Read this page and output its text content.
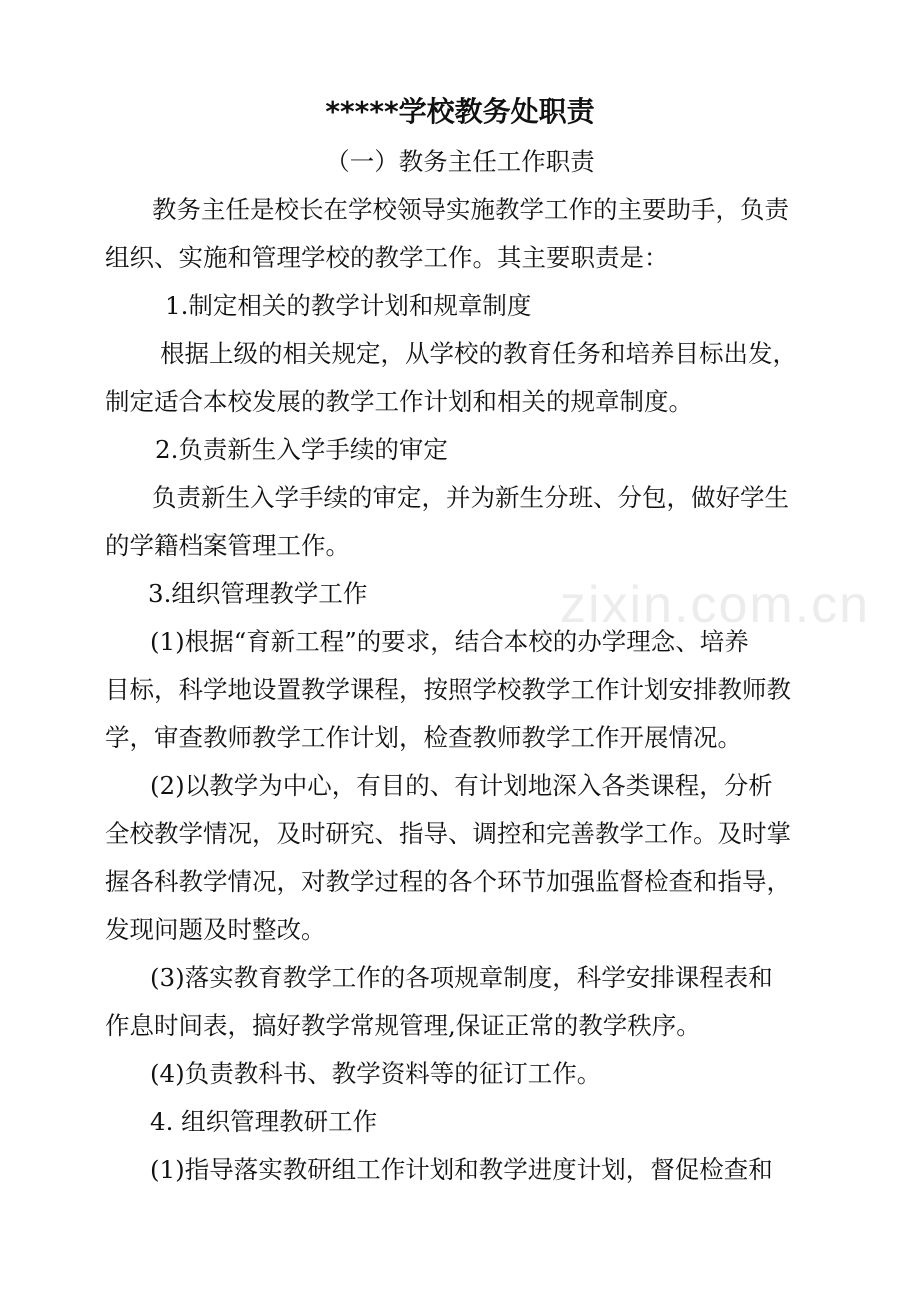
zixin.com.cn
*****学校教务处职责
（一）教务主任工作职责
教务主任是校长在学校领导实施教学工作的主要助手，负责
组织、实施和管理学校的教学工作。其主要职责是：
1.制定相关的教学计划和规章制度
根据上级的相关规定，从学校的教育任务和培养目标出发，
制定适合本校发展的教学工作计划和相关的规章制度。
2.负责新生入学手续的审定
负责新生入学手续的审定，并为新生分班、分包，做好学生
的学籍档案管理工作。
3.组织管理教学工作
(1)根据“育新工程”的要求，结合本校的办学理念、培养
目标，科学地设置教学课程，按照学校教学工作计划安排教师教
学，审查教师教学工作计划，检查教师教学工作开展情况。
(2)以教学为中心，有目的、有计划地深入各类课程，分析
全校教学情况，及时研究、指导、调控和完善教学工作。及时掌
握各科教学情况，对教学过程的各个环节加强监督检查和指导，
发现问题及时整改。
(3)落实教育教学工作的各项规章制度，科学安排课程表和
作息时间表，搞好教学常规管理,保证正常的教学秩序。
(4)负责教科书、教学资料等的征订工作。
4. 组织管理教研工作
(1)指导落实教研组工作计划和教学进度计划，督促检查和
